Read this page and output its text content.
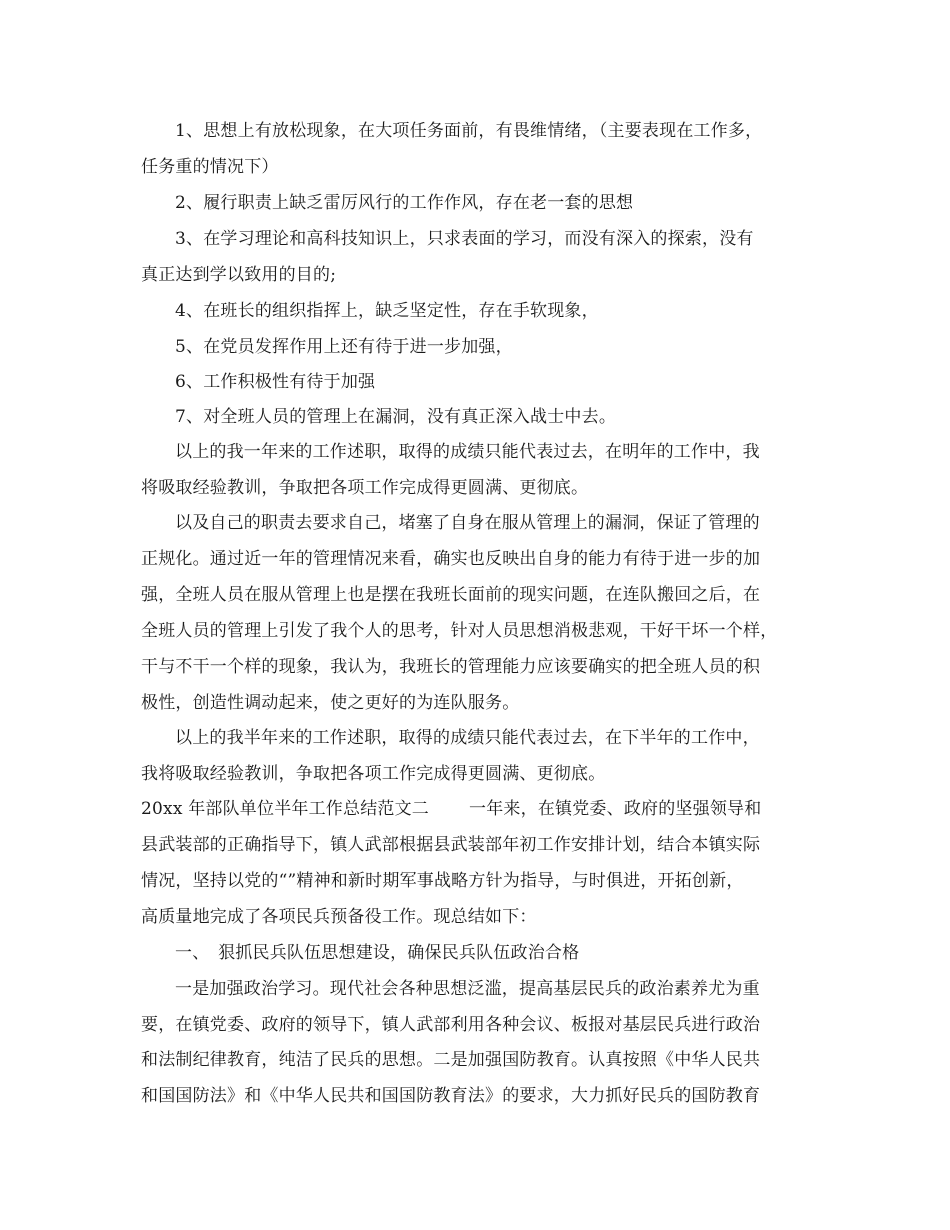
1、思想上有放松现象，在大项任务面前，有畏维情绪，（主要表现在工作多，
任务重的情况下）
2、履行职责上缺乏雷厉风行的工作作风，存在老一套的思想
3、在学习理论和高科技知识上，只求表面的学习，而没有深入的探索，没有
真正达到学以致用的目的;
4、在班长的组织指挥上，缺乏坚定性，存在手软现象，
5、在党员发挥作用上还有待于进一步加强，
6、工作积极性有待于加强
7、对全班人员的管理上在漏洞，没有真正深入战士中去。
以上的我一年来的工作述职，取得的成绩只能代表过去，在明年的工作中，我
将吸取经验教训，争取把各项工作完成得更圆满、更彻底。
以及自己的职责去要求自己，堵塞了自身在服从管理上的漏洞，保证了管理的
正规化。通过近一年的管理情况来看，确实也反映出自身的能力有待于进一步的加
强，全班人员在服从管理上也是摆在我班长面前的现实问题，在连队搬回之后，在
全班人员的管理上引发了我个人的思考，针对人员思想消极悲观，干好干坏一个样，
干与不干一个样的现象，我认为，我班长的管理能力应该要确实的把全班人员的积
极性，创造性调动起来，使之更好的为连队服务。
以上的我半年来的工作述职，取得的成绩只能代表过去，在下半年的工作中，
我将吸取经验教训，争取把各项工作完成得更圆满、更彻底。
20xx 年部队单位半年工作总结范文二　　 一年来，在镇党委、政府的坚强领导和
县武装部的正确指导下，镇人武部根据县武装部年初工作安排计划，结合本镇实际
情况，坚持以党的“”精神和新时期军事战略方针为指导，与时俱进，开拓创新，
高质量地完成了各项民兵预备役工作。现总结如下：
一、　狠抓民兵队伍思想建设，确保民兵队伍政治合格
一是加强政治学习。现代社会各种思想泛滥，提高基层民兵的政治素养尤为重
要，在镇党委、政府的领导下，镇人武部利用各种会议、板报对基层民兵进行政治
和法制纪律教育，纯洁了民兵的思想。二是加强国防教育。认真按照《中华人民共
和国国防法》和《中华人民共和国国防教育法》的要求，大力抓好民兵的国防教育
